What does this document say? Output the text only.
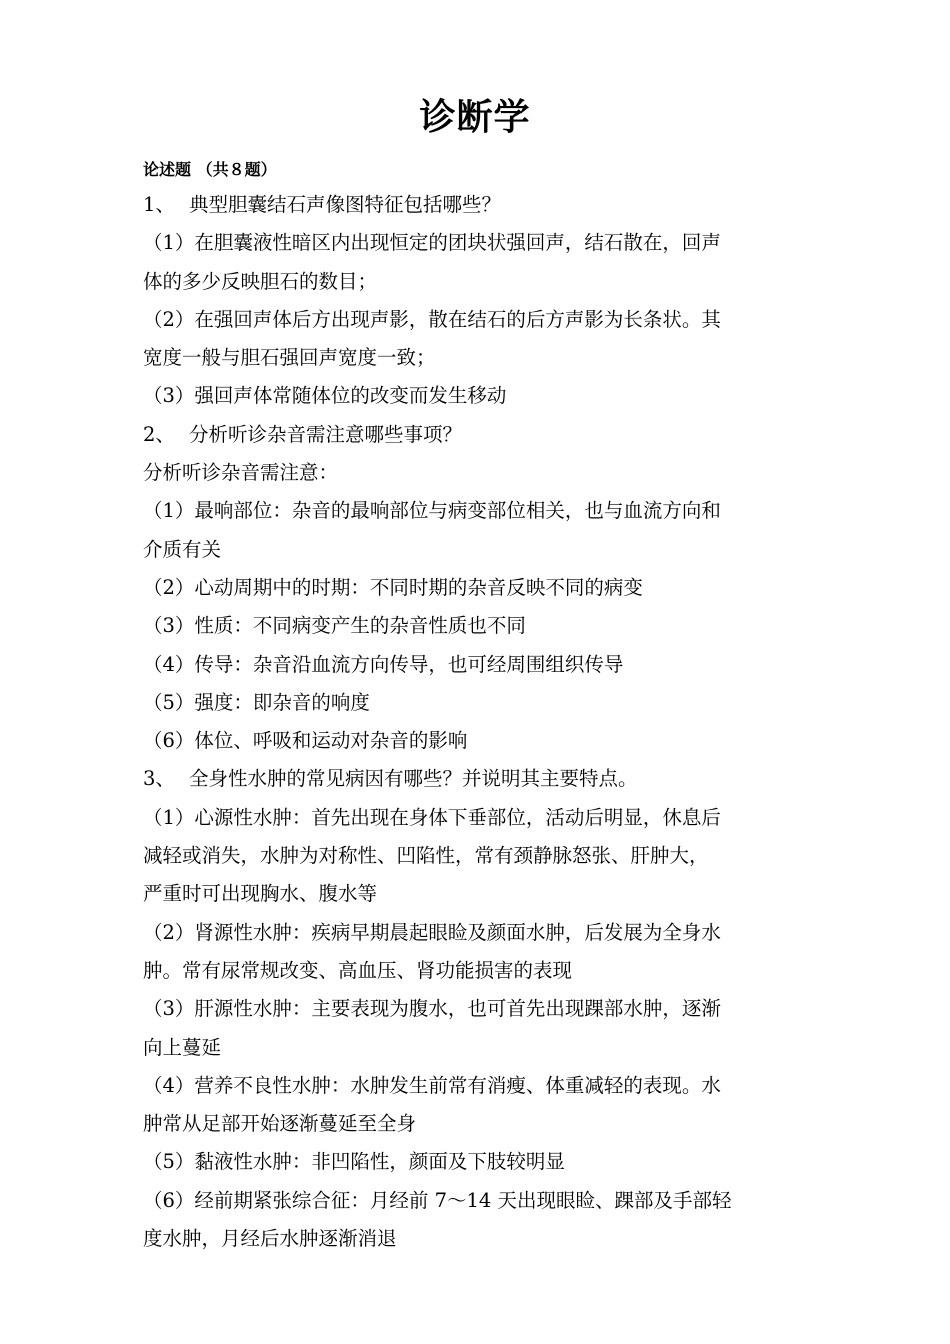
诊断学
论述题 （共８题）
1、 典型胆囊结石声像图特征包括哪些？
（1）在胆囊液性暗区内出现恒定的团块状强回声，结石散在，回声
体的多少反映胆石的数目；
（2）在强回声体后方出现声影，散在结石的后方声影为长条状。其
宽度一般与胆石强回声宽度一致；
（3）强回声体常随体位的改变而发生移动
2、 分析听诊杂音需注意哪些事项？
分析听诊杂音需注意：
（1）最响部位：杂音的最响部位与病变部位相关，也与血流方向和
介质有关
（2）心动周期中的时期：不同时期的杂音反映不同的病变
（3）性质：不同病变产生的杂音性质也不同
（4）传导：杂音沿血流方向传导，也可经周围组织传导
（5）强度：即杂音的响度
（6）体位、呼吸和运动对杂音的影响
3、 全身性水肿的常见病因有哪些？并说明其主要特点。
（1）心源性水肿：首先出现在身体下垂部位，活动后明显，休息后
减轻或消失，水肿为对称性、凹陷性，常有颈静脉怒张、肝肿大，
严重时可出现胸水、腹水等
（2）肾源性水肿：疾病早期晨起眼睑及颜面水肿，后发展为全身水
肿。常有尿常规改变、高血压、肾功能损害的表现
（3）肝源性水肿：主要表现为腹水，也可首先出现踝部水肿，逐渐
向上蔓延
（4）营养不良性水肿：水肿发生前常有消瘦、体重减轻的表现。水
肿常从足部开始逐渐蔓延至全身
（5）黏液性水肿：非凹陷性，颜面及下肢较明显
（6）经前期紧张综合征：月经前 7～14 天出现眼睑、踝部及手部轻
度水肿，月经后水肿逐渐消退
